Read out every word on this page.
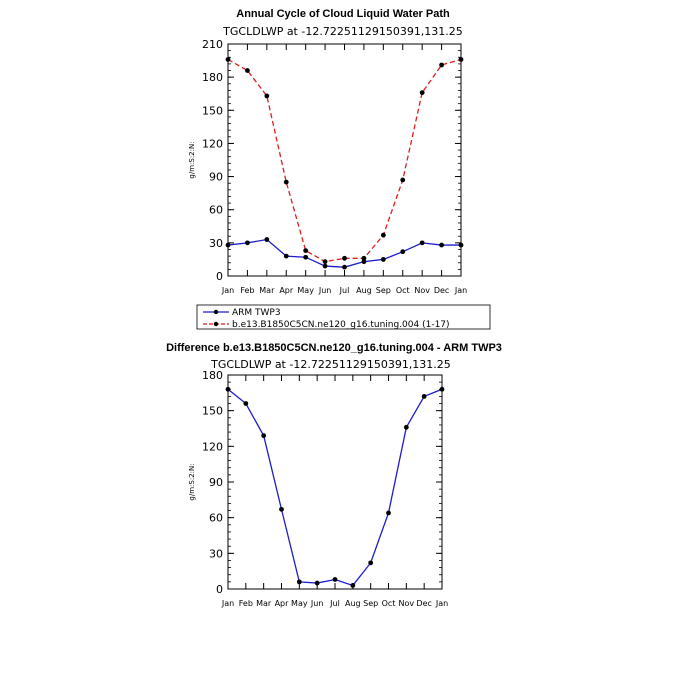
Annual Cycle of Cloud Liquid Water Path
TGCLDLWP at -12.72251129150391,131.25
g/m:S:2:N:
0
30
60
90
120
150
180
210
Jan Feb Mar Apr May Jun Jul Aug Sep Oct Nov Dec Jan
ARM TWP3
b.e13.B1850C5CN.ne120_g16.tuning.004 (1-17)
Difference b.e13.B1850C5CN.ne120_g16.tuning.004 - ARM TWP3
TGCLDLWP at -12.72251129150391,131.25
g/m:S:2:N:
0
30
60
90
120
150
180
Jan Feb Mar Apr May Jun Jul Aug Sep Oct Nov Dec Jan
